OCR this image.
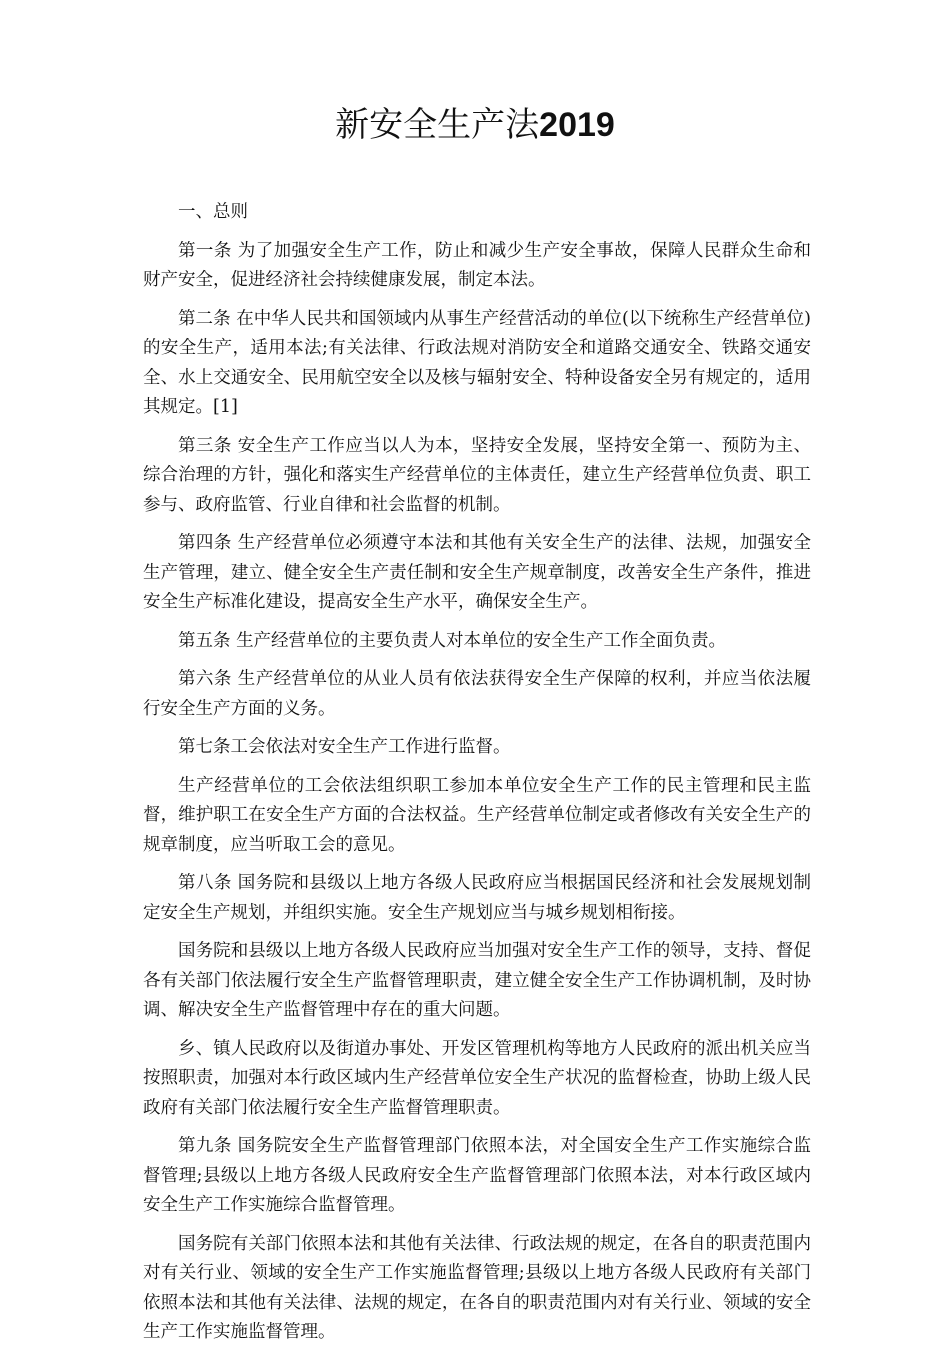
新安全生产法2019

一、总则

第一条 为了加强安全生产工作，防止和减少生产安全事故，保障人民群众生命和财产安全，促进经济社会持续健康发展，制定本法。

第二条 在中华人民共和国领域内从事生产经营活动的单位(以下统称生产经营单位)的安全生产，适用本法;有关法律、行政法规对消防安全和道路交通安全、铁路交通安全、水上交通安全、民用航空安全以及核与辐射安全、特种设备安全另有规定的，适用其规定。[1]

第三条 安全生产工作应当以人为本，坚持安全发展，坚持安全第一、预防为主、综合治理的方针，强化和落实生产经营单位的主体责任，建立生产经营单位负责、职工参与、政府监管、行业自律和社会监督的机制。

第四条 生产经营单位必须遵守本法和其他有关安全生产的法律、法规，加强安全生产管理，建立、健全安全生产责任制和安全生产规章制度，改善安全生产条件，推进安全生产标准化建设，提高安全生产水平，确保安全生产。

第五条 生产经营单位的主要负责人对本单位的安全生产工作全面负责。

第六条 生产经营单位的从业人员有依法获得安全生产保障的权利，并应当依法履行安全生产方面的义务。

第七条工会依法对安全生产工作进行监督。

生产经营单位的工会依法组织职工参加本单位安全生产工作的民主管理和民主监督，维护职工在安全生产方面的合法权益。生产经营单位制定或者修改有关安全生产的规章制度，应当听取工会的意见。

第八条 国务院和县级以上地方各级人民政府应当根据国民经济和社会发展规划制定安全生产规划，并组织实施。安全生产规划应当与城乡规划相衔接。

国务院和县级以上地方各级人民政府应当加强对安全生产工作的领导，支持、督促各有关部门依法履行安全生产监督管理职责，建立健全安全生产工作协调机制，及时协调、解决安全生产监督管理中存在的重大问题。

乡、镇人民政府以及街道办事处、开发区管理机构等地方人民政府的派出机关应当按照职责，加强对本行政区域内生产经营单位安全生产状况的监督检查，协助上级人民政府有关部门依法履行安全生产监督管理职责。

第九条 国务院安全生产监督管理部门依照本法，对全国安全生产工作实施综合监督管理;县级以上地方各级人民政府安全生产监督管理部门依照本法，对本行政区域内安全生产工作实施综合监督管理。

国务院有关部门依照本法和其他有关法律、行政法规的规定，在各自的职责范围内对有关行业、领域的安全生产工作实施监督管理;县级以上地方各级人民政府有关部门依照本法和其他有关法律、法规的规定，在各自的职责范围内对有关行业、领域的安全生产工作实施监督管理。
